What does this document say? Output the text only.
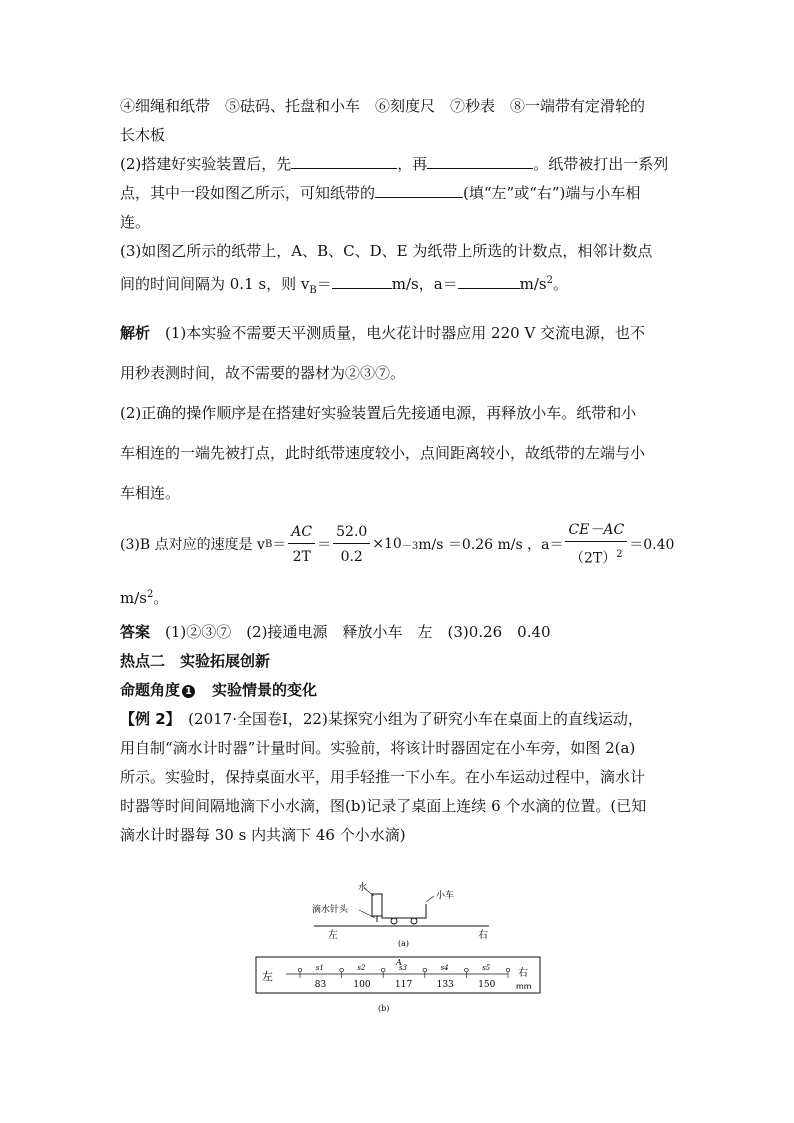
④细绳和纸带　⑤砝码、托盘和小车　⑥刻度尺　⑦秒表　⑧一端带有定滑轮的
长木板
(2)搭建好实验装置后，先	，再	。纸带被打出一系列
点，其中一段如图乙所示，可知纸带的	(填“左”或“右”)端与小车相
连。
(3)如图乙所示的纸带上，A、B、C、D、E 为纸带上所选的计数点，相邻计数点
间的时间间隔为 0.1 s，则 $v_B=$	m/s，a＝	$m/s^2$。
解析　 (1)本实验不需要天平测质量，电火花计时器应用 220 V 交流电源，也不
用秒表测时间，故不需要的器材为②③⑦。
(2)正确的操作顺序是在搭建好实验装置后先接通电源，再释放小车。纸带和小
车相连的一端先被打点，此时纸带速度较小，点间距离较小，故纸带的左端与小
车相连。
(3)B 点对应的速度是 v $B = \frac{AC}{2T} = \frac{52.0}{0.2} \times 10 -3$ m/s ＝0.26 m/s ，$a= \frac{CE-AC}{(2T)^2} =0.40$
$m/s^2$。
答案　 (1)②③⑦　(2)接通电源　释放小车　左　(3)0.26　0.40
热点二　实验拓展创新
命题角度 1　实验情景的变化
【例 2】　(2017·全国卷Ⅰ，22)某探究小组为了研究小车在桌面上的直线运动，
用自制“滴水计时器”计量时间。实验前，将该计时器固定在小车旁，如图 2(a)
所示。实验时，保持桌面水平，用手轻推一下小车。在小车运动过程中，滴水计
时器等时间间隔地滴下小水滴，图(b)记录了桌面上连续 6 个水滴的位置。(已知
滴水计时器每 30 s 内共滴下 46 个小水滴)
水
小车
滴水针头
左	右
(a)
左	右
mm
A
s1
83
s2
100
s3
117
s4
133
s5
150
(b)
